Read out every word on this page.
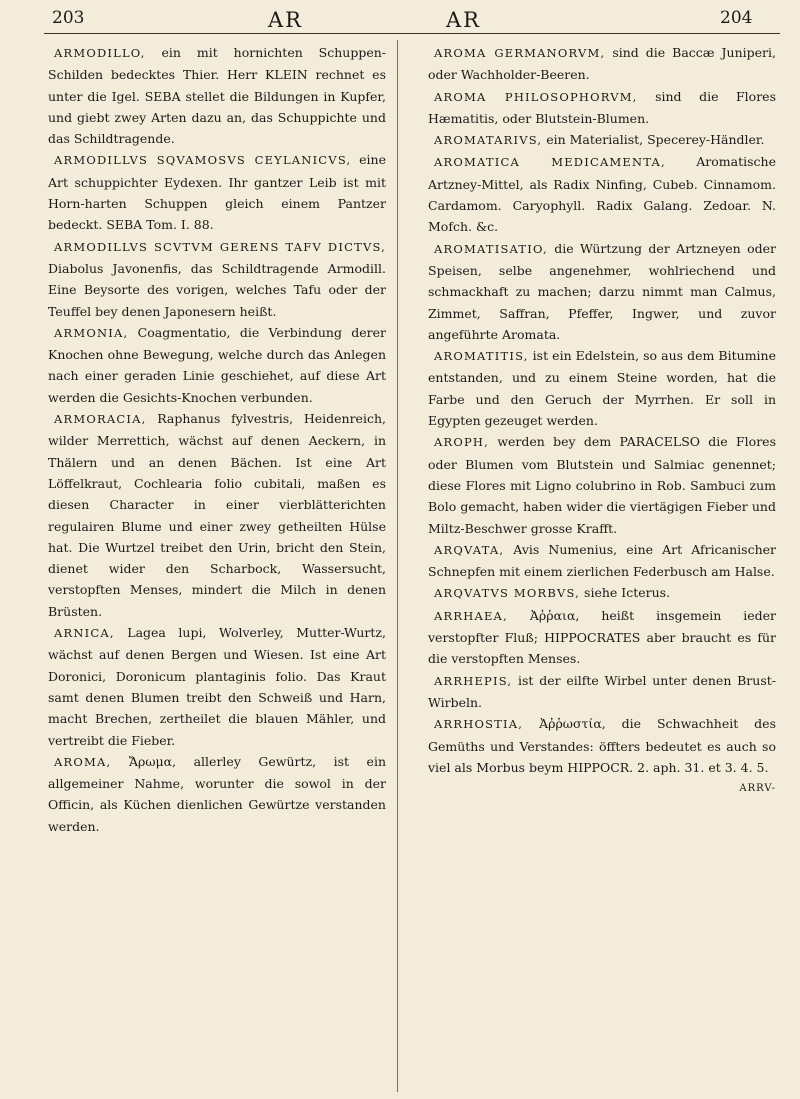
203	AR	AR	204

ARMODILLO, ein mit hornichten Schuppen-Schilden bedecktes Thier. Herr KLEIN rechnet es unter die Igel. SEBA stellet die Bildungen in Kupfer, und giebt zwey Arten dazu an, das Schuppichte und das Schildtragende.

ARMODILLVS SQVAMOSVS CEYLANICVS, eine Art schuppichter Eydexen. Ihr gantzer Leib ist mit Horn-harten Schuppen gleich einem Pantzer bedeckt. SEBA Tom. I. 88.

ARMODILLVS SCVTVM GERENS TAFV DICTVS, Diabolus Javonenfis, das Schildtragende Armodill. Eine Beysorte des vorigen, welches Tafu oder der Teuffel bey denen Japonesern heißt.

ARMONIA, Coagmentatio, die Verbindung derer Knochen ohne Bewegung, welche durch das Anlegen nach einer geraden Linie geschiehet, auf diese Art werden die Gesichts-Knochen verbunden.

ARMORACIA, Raphanus fylvestris, Heidenreich, wilder Merrettich, wächst auf denen Aeckern, in Thälern und an denen Bächen. Ist eine Art Löffelkraut, Cochlearia folio cubitali, maßen es diesen Character in einer vierblätterichten regulairen Blume und einer zwey getheilten Hülse hat. Die Wurtzel treibet den Urin, bricht den Stein, dienet wider den Scharbock, Wassersucht, verstopften Menses, mindert die Milch in denen Brüsten.

ARNICA, Lagea lupi, Wolverley, Mutter-Wurtz, wächst auf denen Bergen und Wiesen. Ist eine Art Doronici, Doronicum plantaginis folio. Das Kraut samt denen Blumen treibt den Schweiß und Harn, macht Brechen, zertheilet die blauen Mähler, und vertreibt die Fieber.

AROMA, Ἄρωμα, allerley Gewürtz, ist ein allgemeiner Nahme, worunter die sowol in der Officin, als Küchen dienlichen Gewürtze verstanden werden.

AROMA GERMANORVM, sind die Baccæ Juniperi, oder Wachholder-Beeren.

AROMA PHILOSOPHORVM, sind die Flores Hæmatitis, oder Blutstein-Blumen.

AROMATARIVS, ein Materialist, Specerey-Händler.

AROMATICA MEDICAMENTA, Aromatische Artzney-Mittel, als Radix Ninfing, Cubeb. Cinnamom. Cardamom. Caryophyll. Radix Galang. Zedoar. N. Mofch. &c.

AROMATISATIO, die Würtzung der Artzneyen oder Speisen, selbe angenehmer, wohlriechend und schmackhaft zu machen; darzu nimmt man Calmus, Zimmet, Saffran, Pfeffer, Ingwer, und zuvor angeführte Aromata.

AROMATITIS, ist ein Edelstein, so aus dem Bitumine entstanden, und zu einem Steine worden, hat die Farbe und den Geruch der Myrrhen. Er soll in Egypten gezeuget werden.

AROPH, werden bey dem PARACELSO die Flores oder Blumen vom Blutstein und Salmiac genennet; diese Flores mit Ligno colubrino in Rob. Sambuci zum Bolo gemacht, haben wider die viertägigen Fieber und Miltz-Beschwer grosse Krafft.

ARQVATA, Avis Numenius, eine Art Africanischer Schnepfen mit einem zierlichen Federbusch am Halse.

ARQVATVS MORBVS, siehe Icterus.

ARRHAEA, Ἀῤῥαια, heißt insgemein ieder verstopfter Fluß; HIPPOCRATES aber braucht es für die verstopften Menses.

ARRHEPIS, ist der eilfte Wirbel unter denen Brust-Wirbeln.

ARRHOSTIA, Ἀῤῥωστία, die Schwachheit des Gemüths und Verstandes: öffters bedeutet es auch so viel als Morbus beym HIPPOCR. 2. aph. 31. et 3. 4. 5.

ARRV-
